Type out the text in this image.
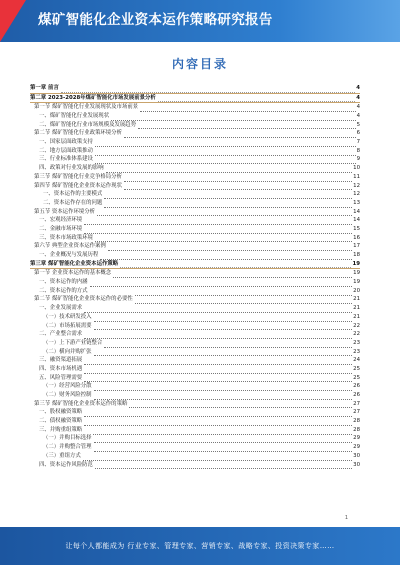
煤矿智能化企业资本运作策略研究报告
内容目录
第一章 前言	4
第二章 2023-2028年煤矿智能化市场发展前景分析	4
第一节 煤矿智能化行业发展现状及市场前景	4
一、煤矿智能化行业发展现状	4
二、煤矿智能化行业市场规模及发展趋势	5
第二节 煤矿智能化行业政策环境分析	6
一、国家层面政策支持	7
二、地方层面政策推动	8
三、行业标准体系建设	9
四、政策对行业发展的影响	10
第三节 煤矿智能化行业竞争格局分析	11
第四节 煤矿智能化企业资本运作现状	12
一、资本运作的主要模式	12
二、资本运作存在的问题	13
第五节 资本运作环境分析	14
一、宏观经济环境	14
二、金融市场环境	15
三、资本市场政策环境	16
第六节 典型企业资本运作案例	17
一、企业概况与发展历程	18
第三章 煤矿智能化企业资本运作策略	19
第一节 企业资本运作的基本概念	19
一、资本运作的内涵	19
二、资本运作的方式	20
第二节 煤矿智能化企业资本运作的必要性	21
一、企业发展需求	21
（一）技术研发投入	21
（二）市场拓展需要	22
二、产业整合需求	22
（一）上下游产业链整合	23
（二）横向并购扩张	23
三、融资渠道拓展	24
四、资本市场机遇	25
五、风险管理需要	25
（一）经营风险分散	26
（二）财务风险控制	26
第三节 煤矿智能化企业资本运作的策略	27
一、股权融资策略	27
二、债权融资策略	28
三、并购重组策略	28
（一）并购目标选择	29
（二）并购整合管理	29
（三）重组方式	30
四、资本运作风险防范	30
1
让每个人都能成为 行业专家、管理专家、营销专家、战略专家、投资决策专家……
